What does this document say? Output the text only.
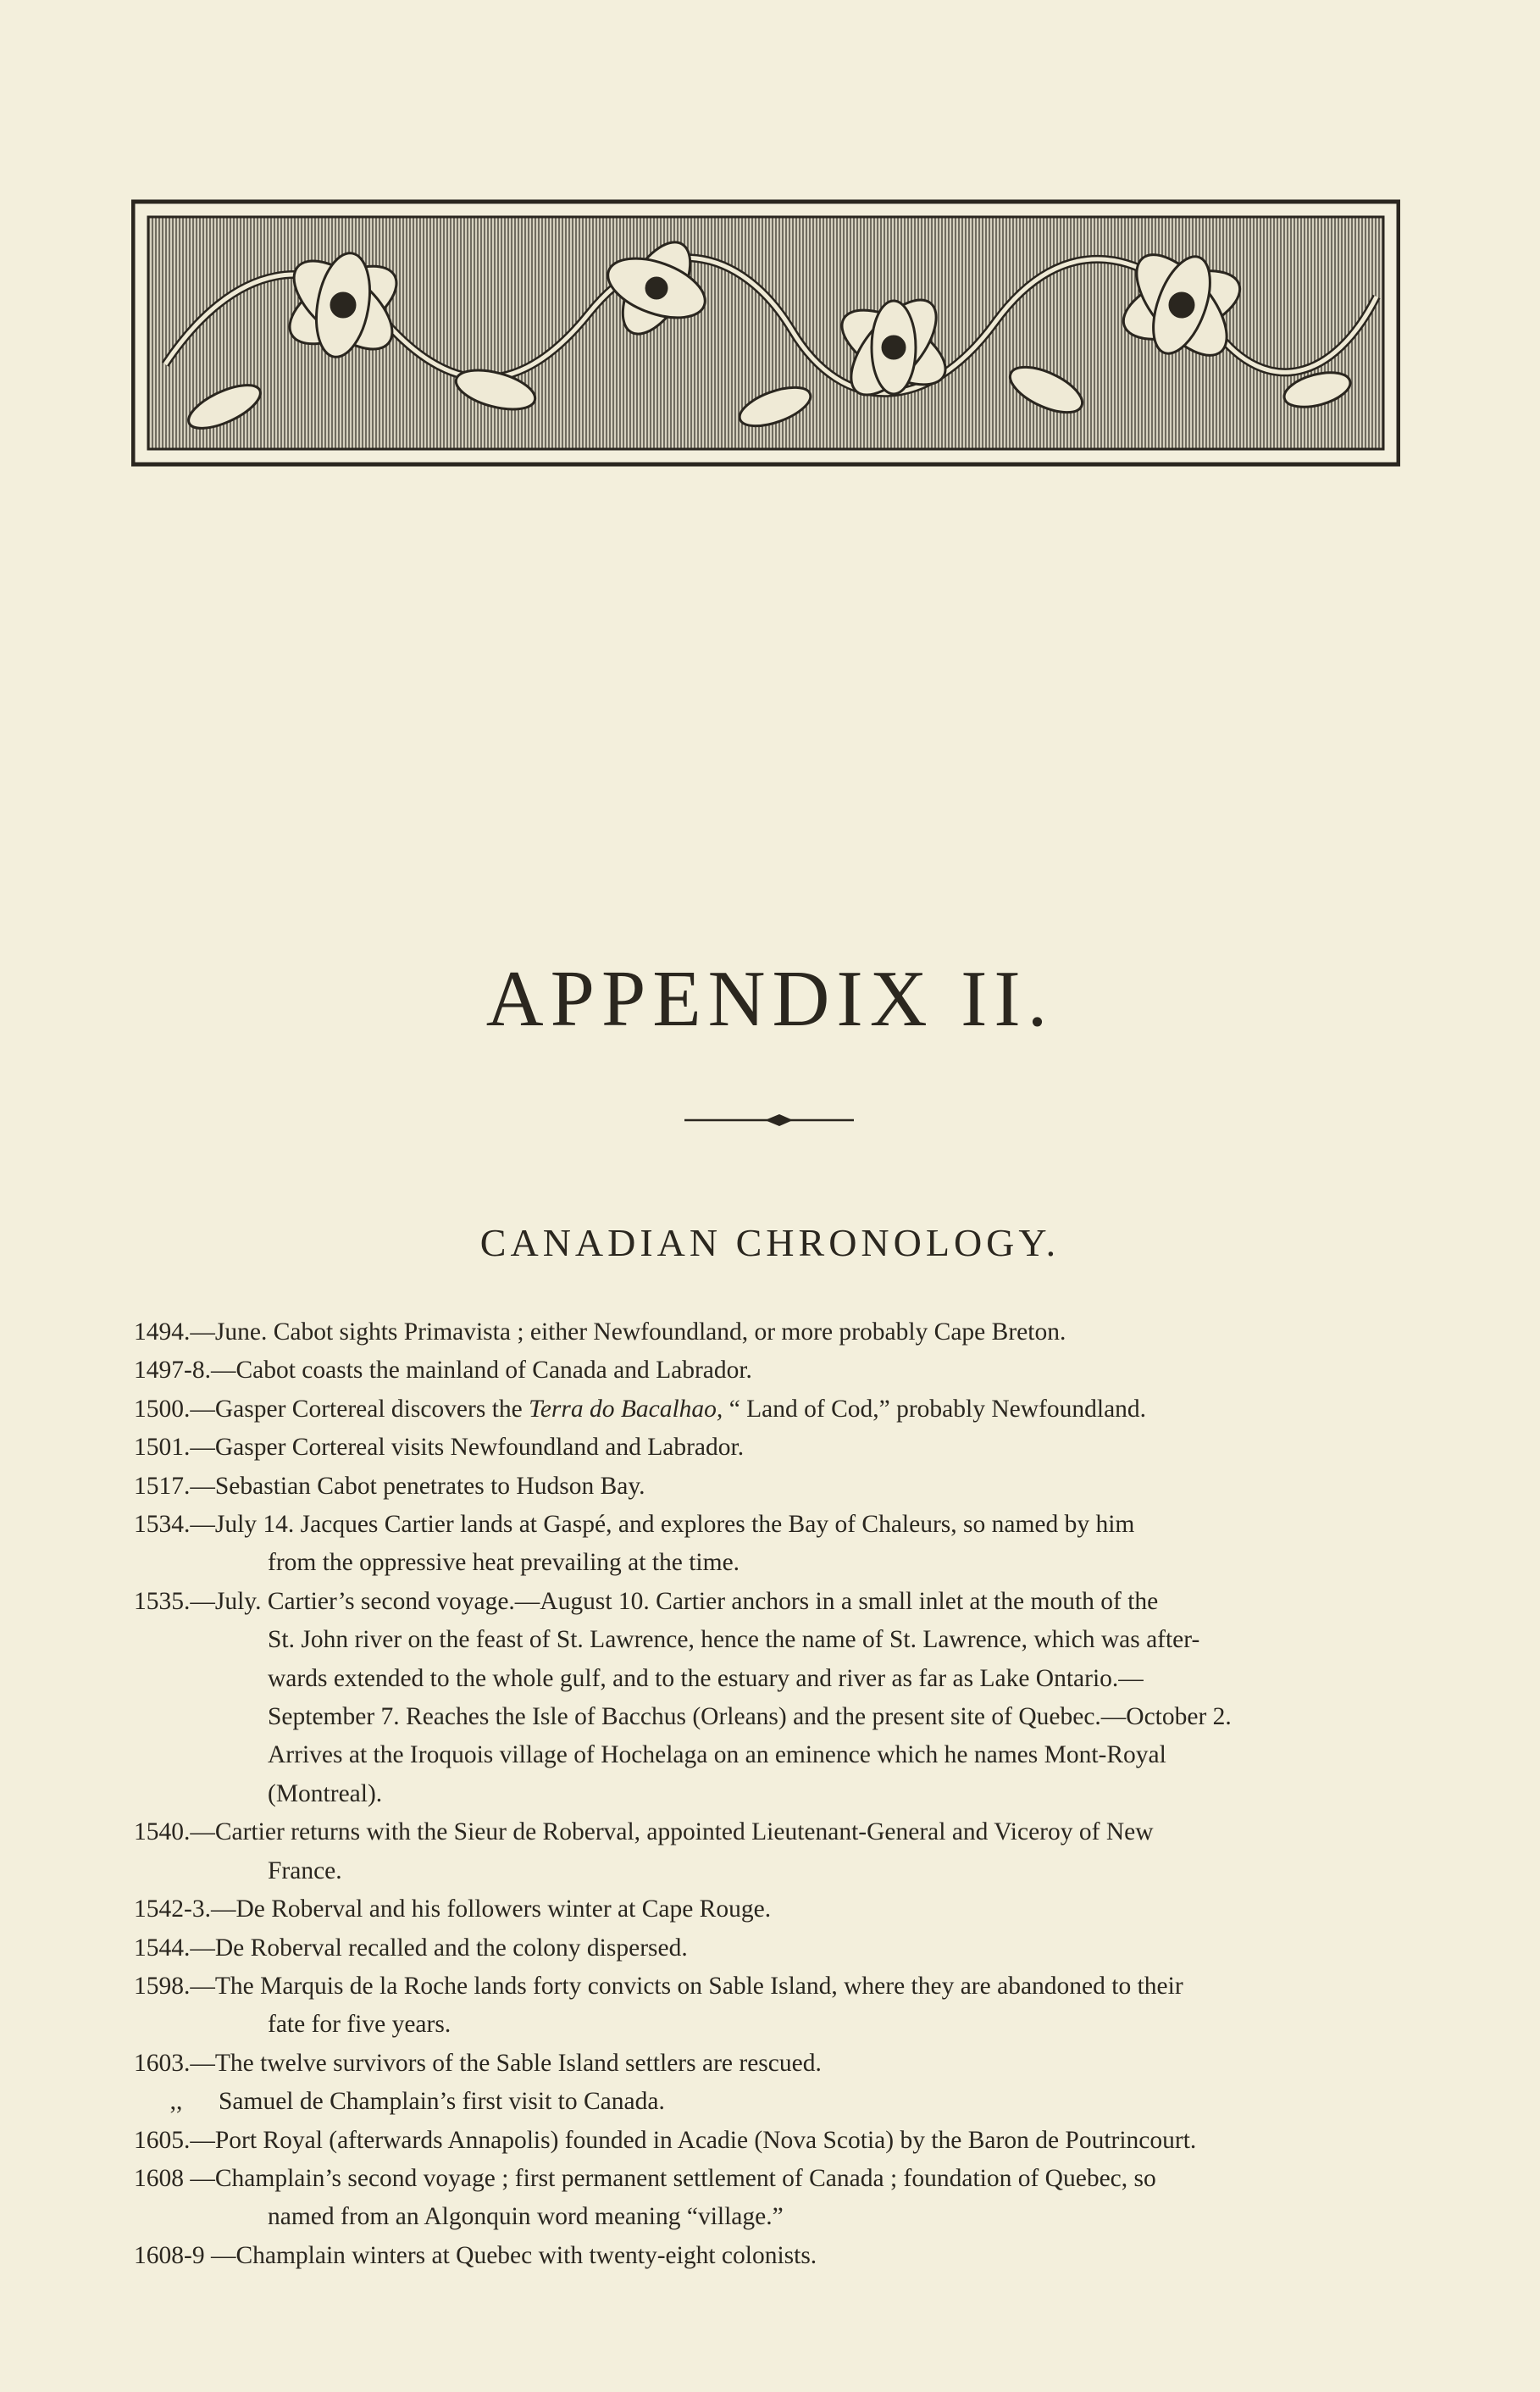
APPENDIX II.
CANADIAN CHRONOLOGY.
1494.—June. Cabot sights Primavista ; either Newfoundland, or more probably Cape Breton.
1497-8.—Cabot coasts the mainland of Canada and Labrador.
1500.—Gasper Cortereal discovers the Terra do Bacalhao, “ Land of Cod,” probably Newfoundland.
1501.—Gasper Cortereal visits Newfoundland and Labrador.
1517.—Sebastian Cabot penetrates to Hudson Bay.
1534.—July 14. Jacques Cartier lands at Gaspé, and explores the Bay of Chaleurs, so named by him
from the oppressive heat prevailing at the time.
1535.—July. Cartier’s second voyage.—August 10. Cartier anchors in a small inlet at the mouth of the
St. John river on the feast of St. Lawrence, hence the name of St. Lawrence, which was after-
wards extended to the whole gulf, and to the estuary and river as far as Lake Ontario.—
September 7. Reaches the Isle of Bacchus (Orleans) and the present site of Quebec.—October 2.
Arrives at the Iroquois village of Hochelaga on an eminence which he names Mont-Royal
(Montreal).
1540.—Cartier returns with the Sieur de Roberval, appointed Lieutenant-General and Viceroy of New
France.
1542-3.—De Roberval and his followers winter at Cape Rouge.
1544.—De Roberval recalled and the colony dispersed.
1598.—The Marquis de la Roche lands forty convicts on Sable Island, where they are abandoned to their
fate for five years.
1603.—The twelve survivors of the Sable Island settlers are rescued.
,, Samuel de Champlain’s first visit to Canada.
1605.—Port Royal (afterwards Annapolis) founded in Acadie (Nova Scotia) by the Baron de Poutrincourt.
1608 —Champlain’s second voyage ; first permanent settlement of Canada ; foundation of Quebec, so
named from an Algonquin word meaning “village.”
1608-9 —Champlain winters at Quebec with twenty-eight colonists.
